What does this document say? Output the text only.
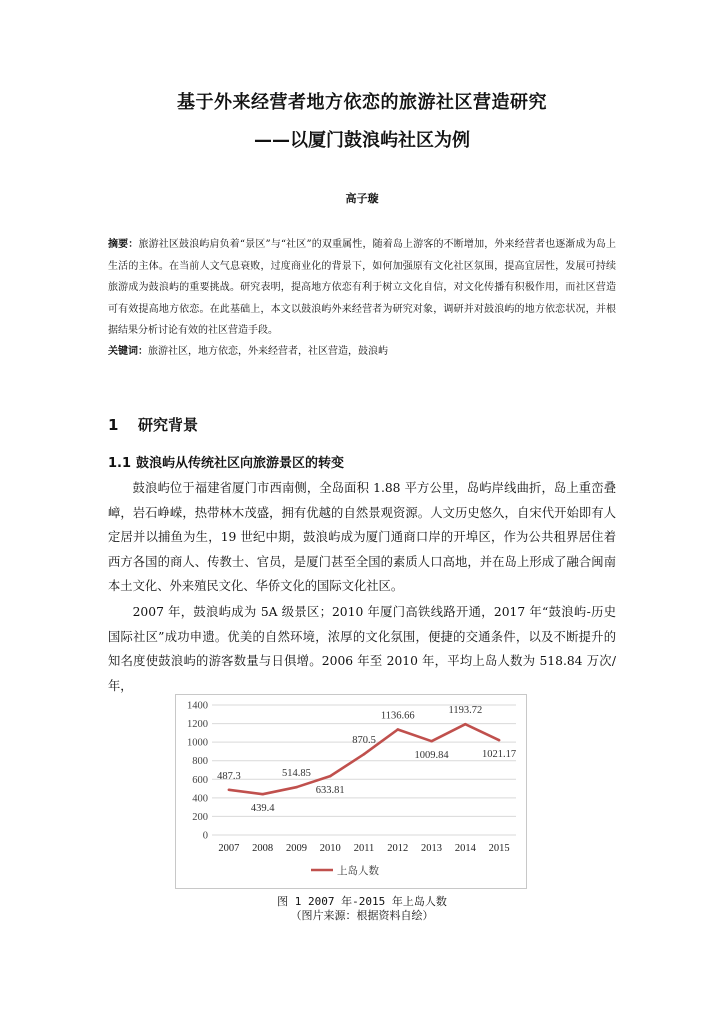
基于外来经营者地方依恋的旅游社区营造研究
——以厦门鼓浪屿社区为例
高子璇
摘要：旅游社区鼓浪屿肩负着“景区”与“社区”的双重属性，随着岛上游客的不断增加，外来经营者也逐渐成为岛上生活的主体。在当前人文气息衰败，过度商业化的背景下，如何加强原有文化社区氛围，提高宜居性，发展可持续旅游成为鼓浪屿的重要挑战。研究表明，提高地方依恋有利于树立文化自信，对文化传播有积极作用，而社区营造可有效提高地方依恋。在此基础上，本文以鼓浪屿外来经营者为研究对象，调研并对鼓浪屿的地方依恋状况，并根据结果分析讨论有效的社区营造手段。
关键词：旅游社区，地方依恋，外来经营者，社区营造，鼓浪屿
1 研究背景
1.1 鼓浪屿从传统社区向旅游景区的转变

鼓浪屿位于福建省厦门市西南侧，全岛面积 1.88 平方公里，岛屿岸线曲折，岛上重峦叠嶂，岩石峥嵘，热带林木茂盛，拥有优越的自然景观资源。人文历史悠久，自宋代开始即有人定居并以捕鱼为生，19 世纪中期，鼓浪屿成为厦门通商口岸的开埠区，作为公共租界居住着西方各国的商人、传教士、官员，是厦门甚至全国的素质人口高地，并在岛上形成了融合闽南本土文化、外来殖民文化、华侨文化的国际文化社区。

2007 年，鼓浪屿成为 5A 级景区；2010 年厦门高铁线路开通，2017 年“鼓浪屿-历史国际社区”成功申遗。优美的自然环境，浓厚的文化氛围，便捷的交通条件，以及不断提升的知名度使鼓浪屿的游客数量与日俱增。2006 年至 2010 年，平均上岛人数为 518.84 万次/年，

0
200
400
600
800
1000
1200
1400
2007 2008 2009 2010 2011 2012 2013 2014 2015
487.3
439.4
514.85
633.81
870.5
1136.66
1009.84
1193.72
1021.17
上岛人数
图 1 2007 年-2015 年上岛人数
（图片来源：根据资料自绘）
